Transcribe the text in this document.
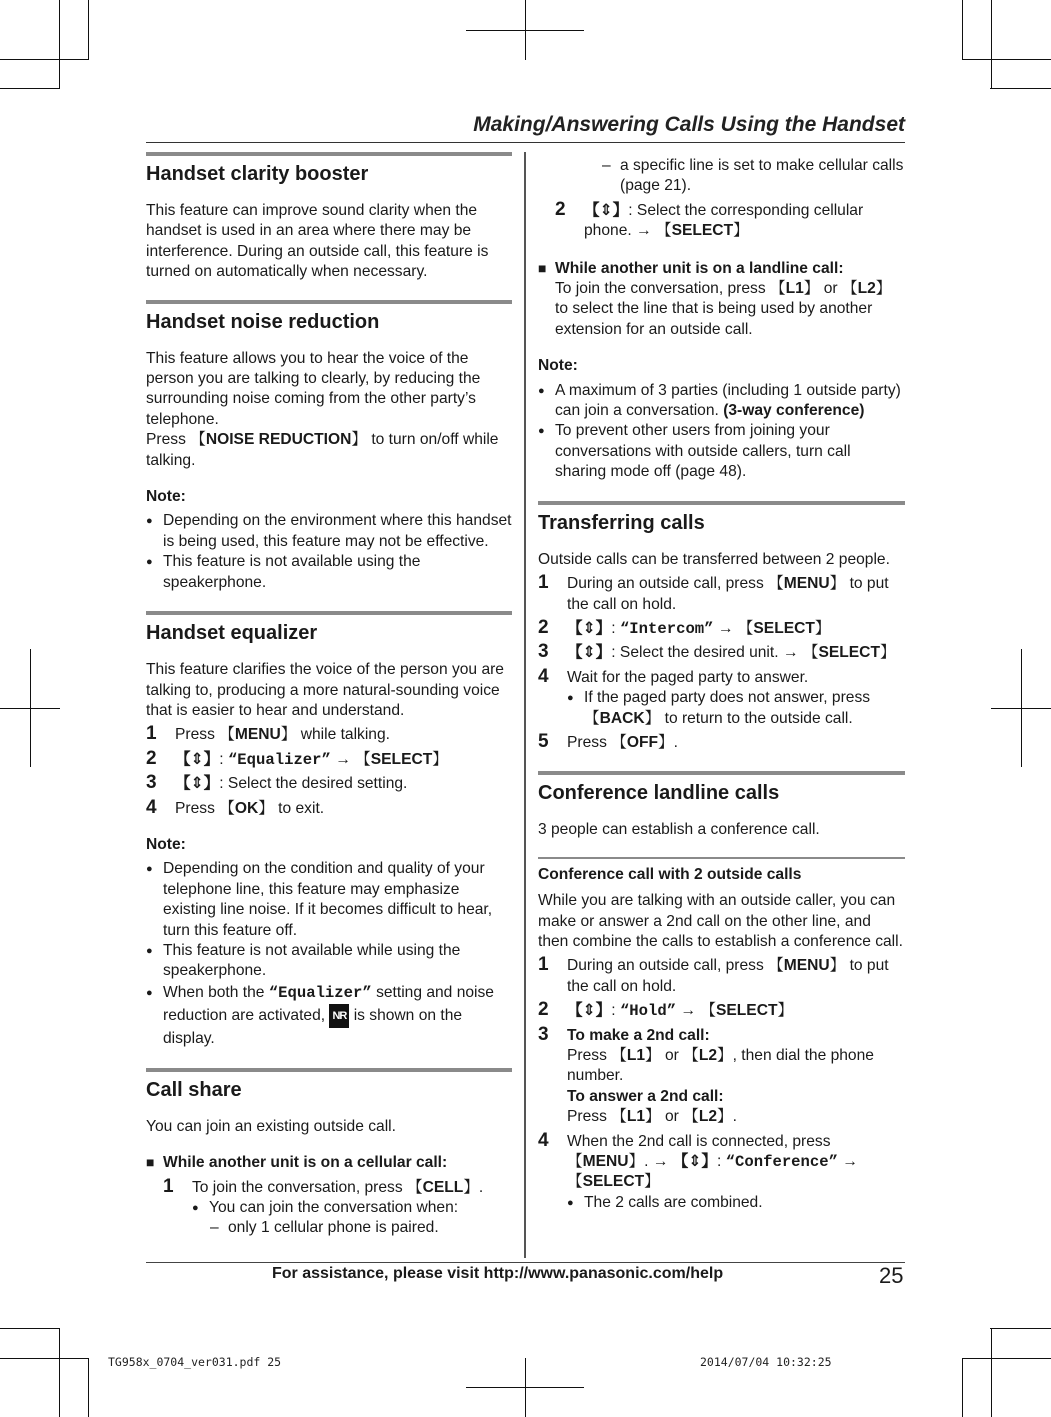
Making/Answering Calls Using the Handset
Handset clarity booster

This feature can improve sound clarity when the handset is used in an area where there may be interference. During an outside call, this feature is turned on automatically when necessary.

Handset noise reduction

This feature allows you to hear the voice of the person you are talking to clearly, by reducing the surrounding noise coming from the other party’s telephone.

Press 【NOISE REDUCTION】 to turn on/off while talking.

Note:
● Depending on the environment where this handset is being used, this feature may not be effective.
● This feature is not available using the speakerphone.
Handset equalizer

This feature clarifies the voice of the person you are talking to, producing a more natural-sounding voice that is easier to hear and understand.

1 Press 【MENU】 while talking.
2 【⇕】: “Equalizer” → 【SELECT】
3 【⇕】: Select the desired setting.
4 Press 【OK】 to exit.
Note:
● Depending on the condition and quality of your telephone line, this feature may emphasize existing line noise. If it becomes difficult to hear, turn this feature off.
● This feature is not available while using the speakerphone.
● When both the “Equalizer” setting and noise reduction are activated, NR is shown on the display.
Call share

You can join an existing outside call.

■ While another unit is on a cellular call:
1 To join the conversation, press 【CELL】.
● You can join the conversation when:
– only 1 cellular phone is paired.
– a specific line is set to make cellular calls (page 21).
2 【⇕】: Select the corresponding cellular phone. → 【SELECT】
■ While another unit is on a landline call:

To join the conversation, press 【L1】 or 【L2】 to select the line that is being used by another extension for an outside call.

Note:
● A maximum of 3 parties (including 1 outside party) can join a conversation. (3-way conference)
● To prevent other users from joining your conversations with outside callers, turn call sharing mode off (page 48).
Transferring calls

Outside calls can be transferred between 2 people.

1 During an outside call, press 【MENU】 to put the call on hold.
2 【⇕】: “Intercom” → 【SELECT】
3 【⇕】: Select the desired unit. → 【SELECT】
4 Wait for the paged party to answer.
● If the paged party does not answer, press 【BACK】 to return to the outside call.
5 Press 【OFF】.
Conference landline calls

3 people can establish a conference call.

Conference call with 2 outside calls

While you are talking with an outside caller, you can make or answer a 2nd call on the other line, and then combine the calls to establish a conference call.

1 During an outside call, press 【MENU】 to put the call on hold.
2 【⇕】: “Hold” → 【SELECT】
3 To make a 2nd call:
Press 【L1】 or 【L2】, then dial the phone number.
To answer a 2nd call:
Press 【L1】 or 【L2】.
4 When the 2nd call is connected, press 【MENU】. → 【⇕】: “Conference” → 【SELECT】
● The 2 calls are combined.
For assistance, please visit http://www.panasonic.com/help	25
TG958x_0704_ver031.pdf 25	2014/07/04 10:32:25
